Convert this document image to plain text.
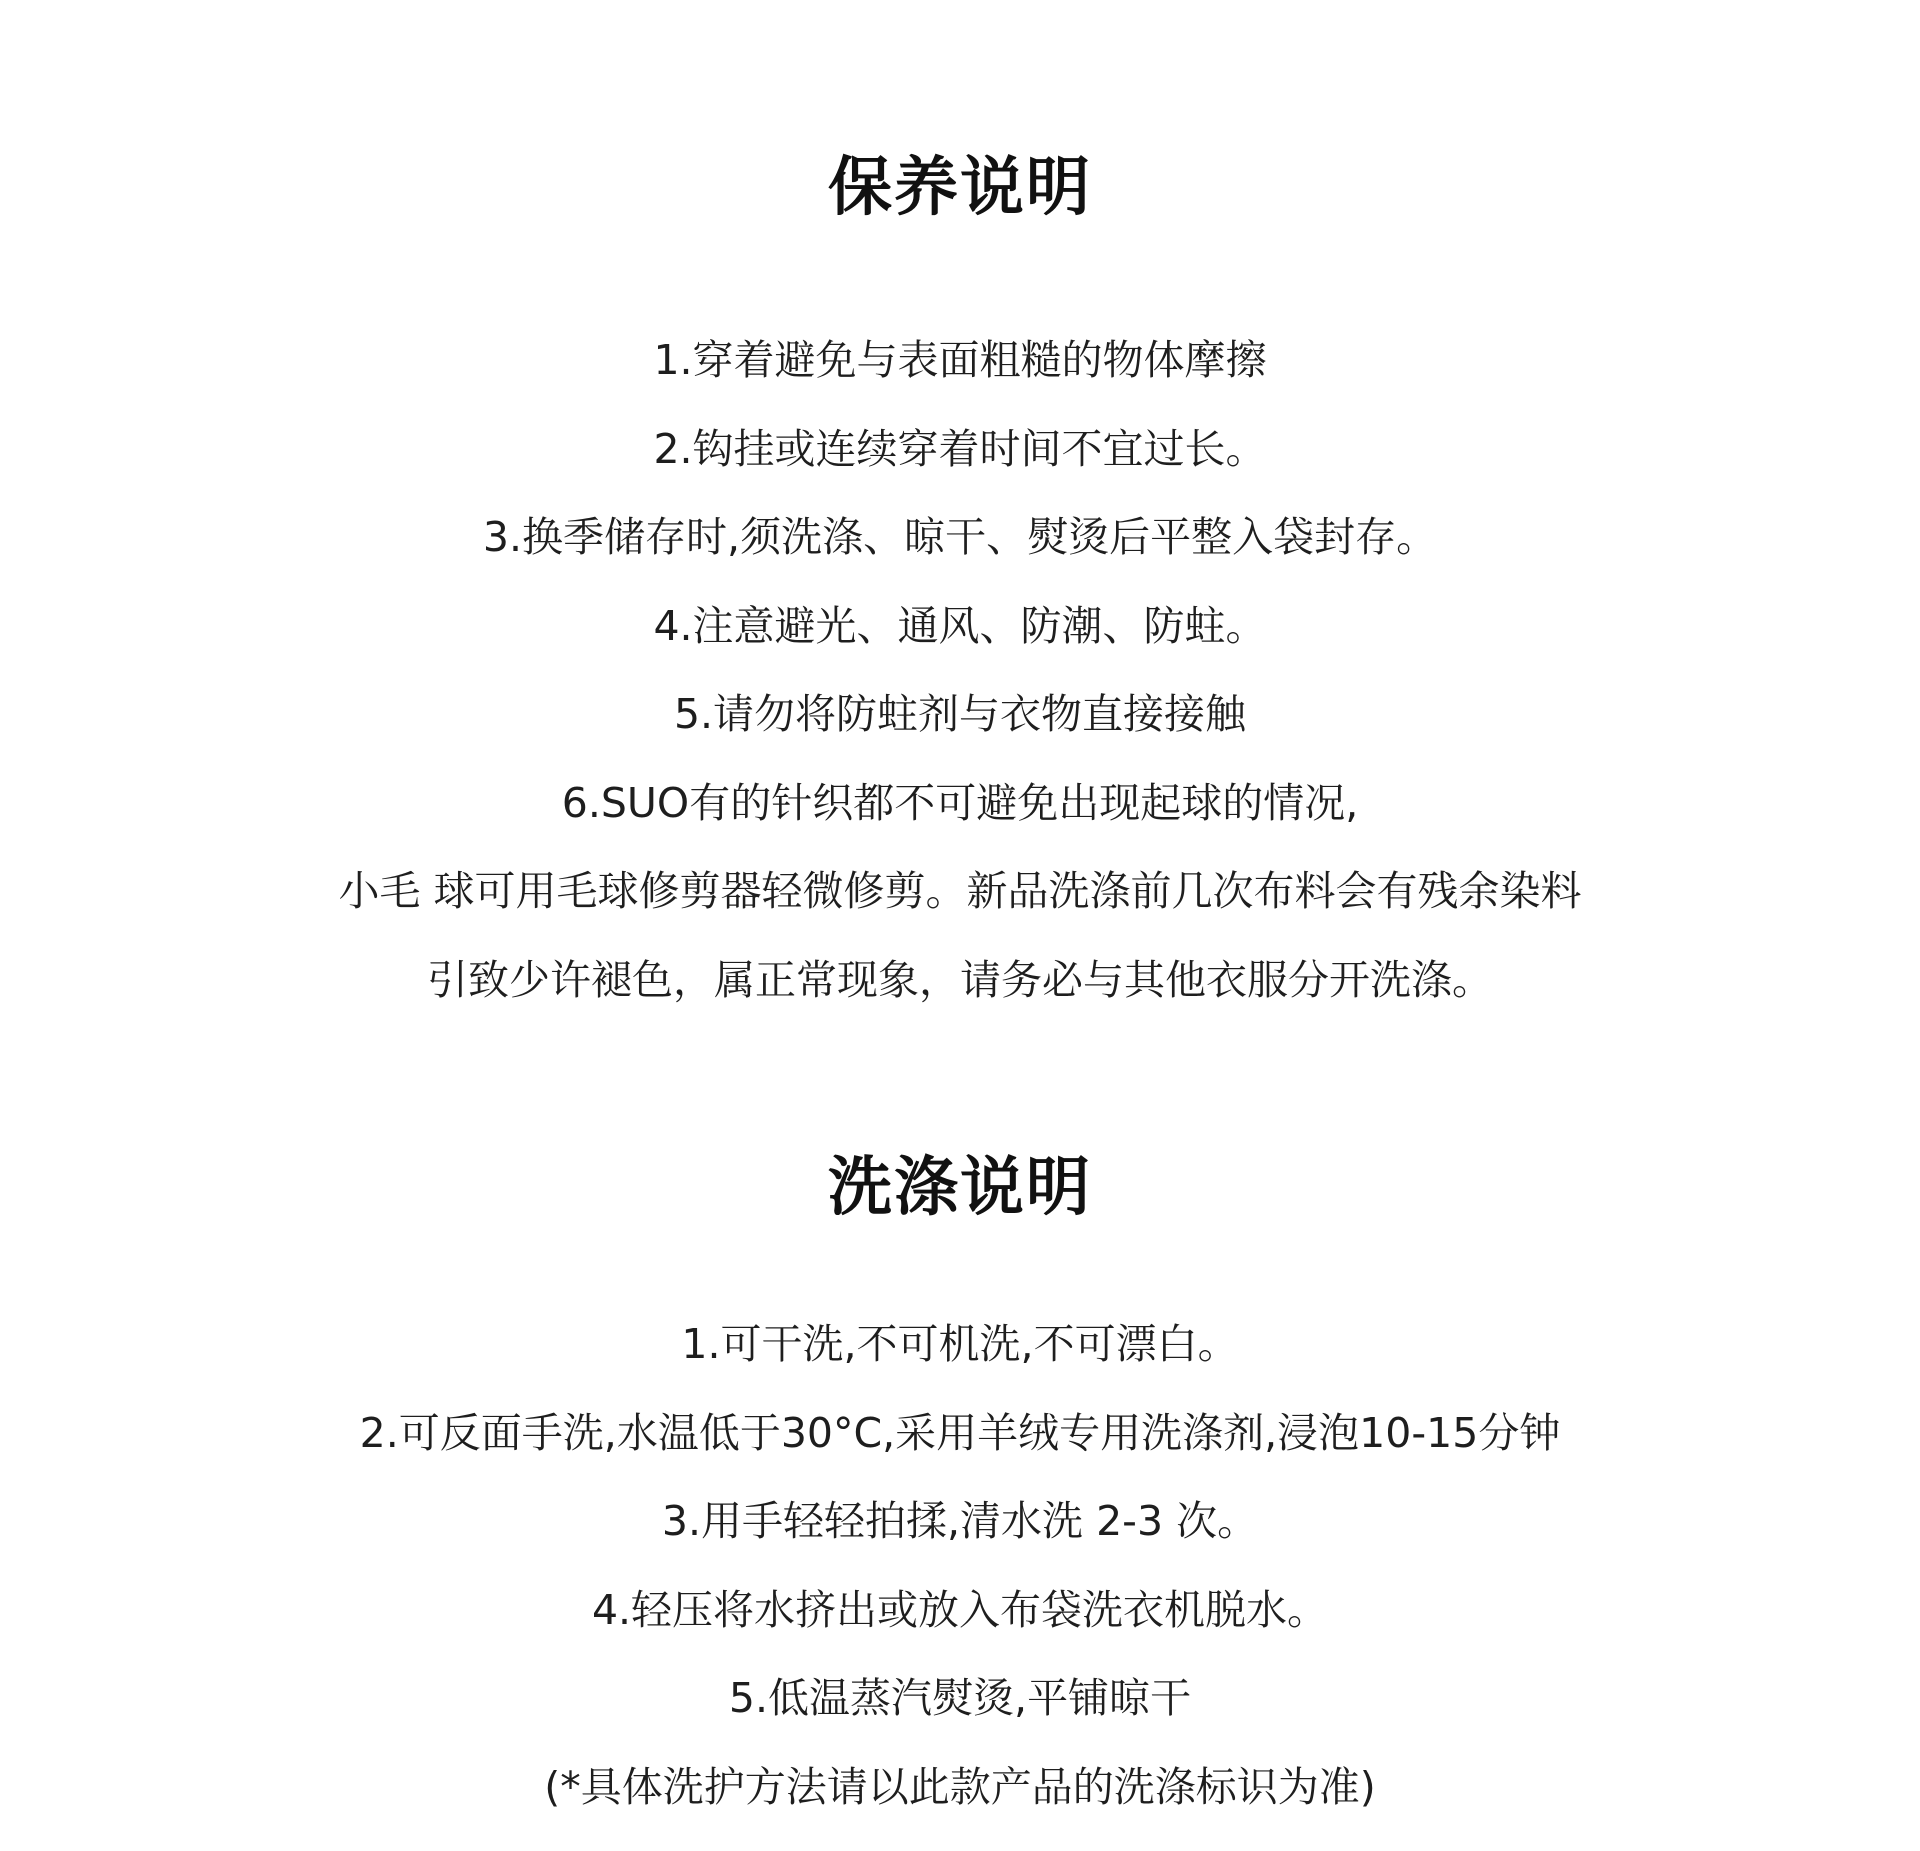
保养说明
1.穿着避免与表面粗糙的物体摩擦
2.钩挂或连续穿着时间不宜过长。
3.换季储存时,须洗涤、晾干、熨烫后平整入袋封存。
4.注意避光、通风、防潮、防蛀。
5.请勿将防蛀剂与衣物直接接触
6.SUO有的针织都不可避免出现起球的情况,
小毛 球可用毛球修剪器轻微修剪。新品洗涤前几次布料会有残余染料
引致少许褪色，属正常现象，请务必与其他衣服分开洗涤。
洗涤说明
1.可干洗,不可机洗,不可漂白。
2.可反面手洗,水温低于30°C,采用羊绒专用洗涤剂,浸泡10-15分钟
3.用手轻轻拍揉,清水洗 2-3 次。
4.轻压将水挤出或放入布袋洗衣机脱水。
5.低温蒸汽熨烫,平铺晾干
(*具体洗护方法请以此款产品的洗涤标识为准)
